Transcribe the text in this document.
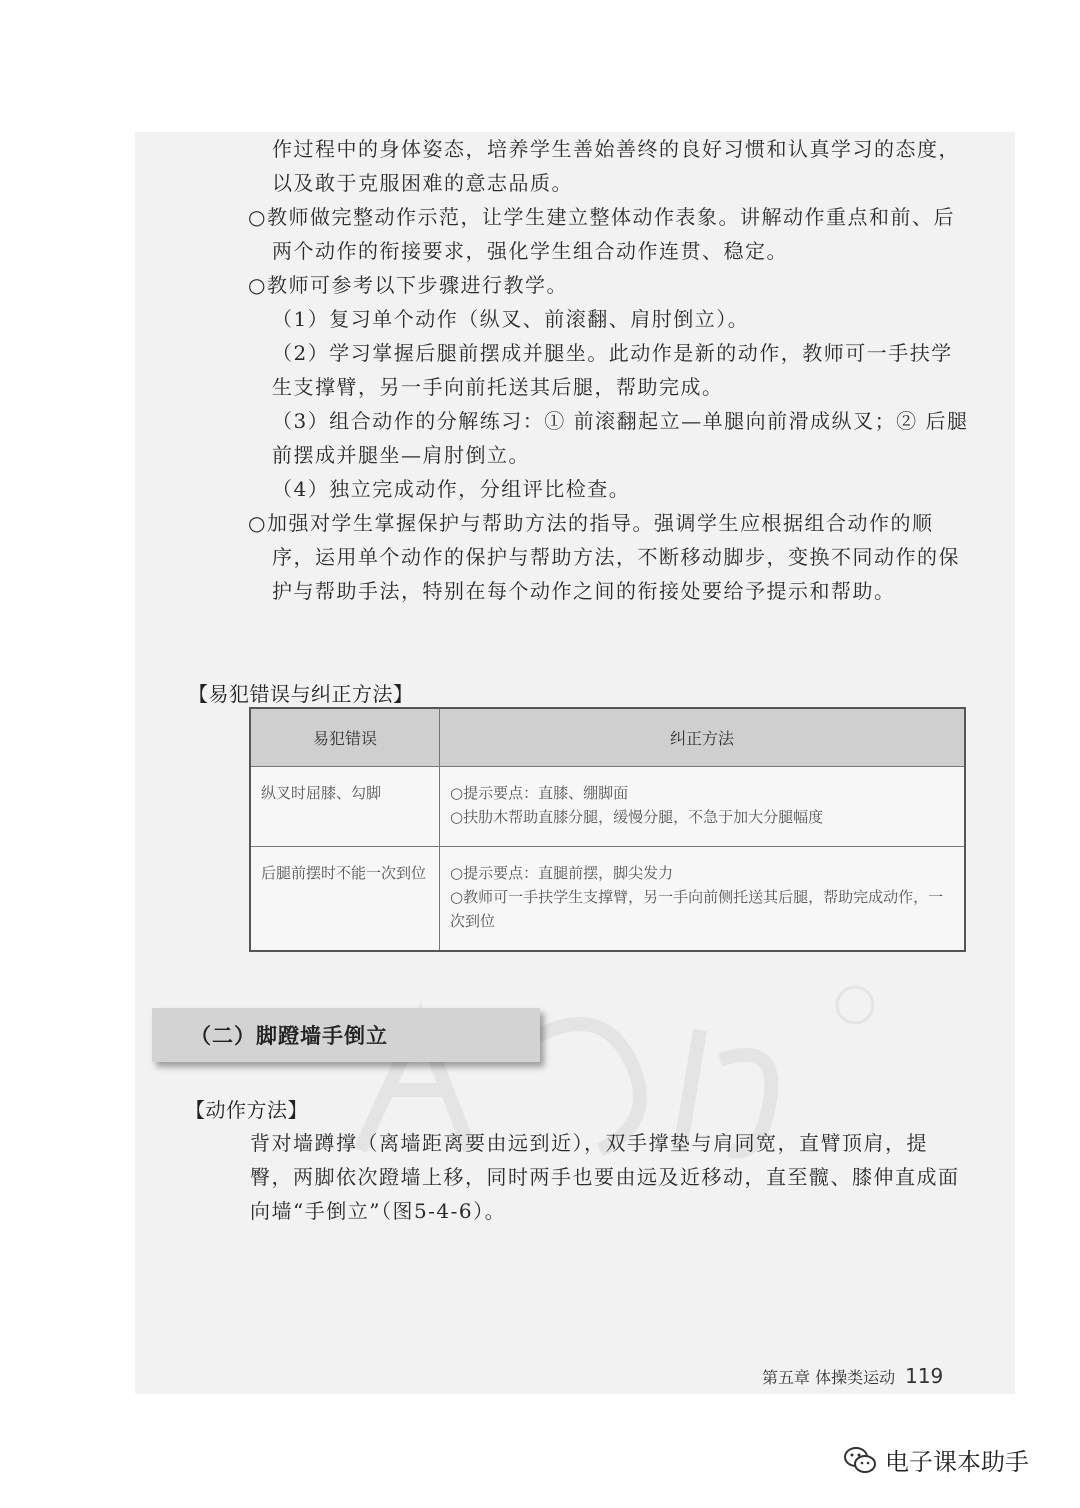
作过程中的身体姿态，培养学生善始善终的良好习惯和认真学习的态度，以及敢于克服困难的意志品质。

○教师做完整动作示范，让学生建立整体动作表象。讲解动作重点和前、后两个动作的衔接要求，强化学生组合动作连贯、稳定。

○教师可参考以下步骤进行教学。

（1）复习单个动作（纵叉、前滚翻、肩肘倒立）。

（2）学习掌握后腿前摆成并腿坐。此动作是新的动作，教师可一手扶学生支撑臂，另一手向前托送其后腿，帮助完成。

（3）组合动作的分解练习：① 前滚翻起立—单腿向前滑成纵叉；② 后腿前摆成并腿坐—肩肘倒立。

（4）独立完成动作，分组评比检查。

○加强对学生掌握保护与帮助方法的指导。强调学生应根据组合动作的顺序，运用单个动作的保护与帮助方法，不断移动脚步，变换不同动作的保护与帮助手法，特别在每个动作之间的衔接处要给予提示和帮助。

【易犯错误与纠正方法】
易犯错误	纠正方法
纵叉时屈膝、勾脚	○提示要点：直膝、绷脚面
○扶肋木帮助直膝分腿，缓慢分腿，不急于加大分腿幅度

后腿前摆时不能一次到位	○提示要点：直腿前摆，脚尖发力
○教师可一手扶学生支撑臂，另一手向前侧托送其后腿，帮助完成动作，一次到位
（二）脚蹬墙手倒立
【动作方法】

背对墙蹲撑（离墙距离要由远到近），双手撑垫与肩同宽，直臂顶肩，提臀，两脚依次蹬墙上移，同时两手也要由远及近移动，直至髋、膝伸直成面向墙“手倒立”（图5-4-6）。

第五章 体操类运动 119
电子课本助手
